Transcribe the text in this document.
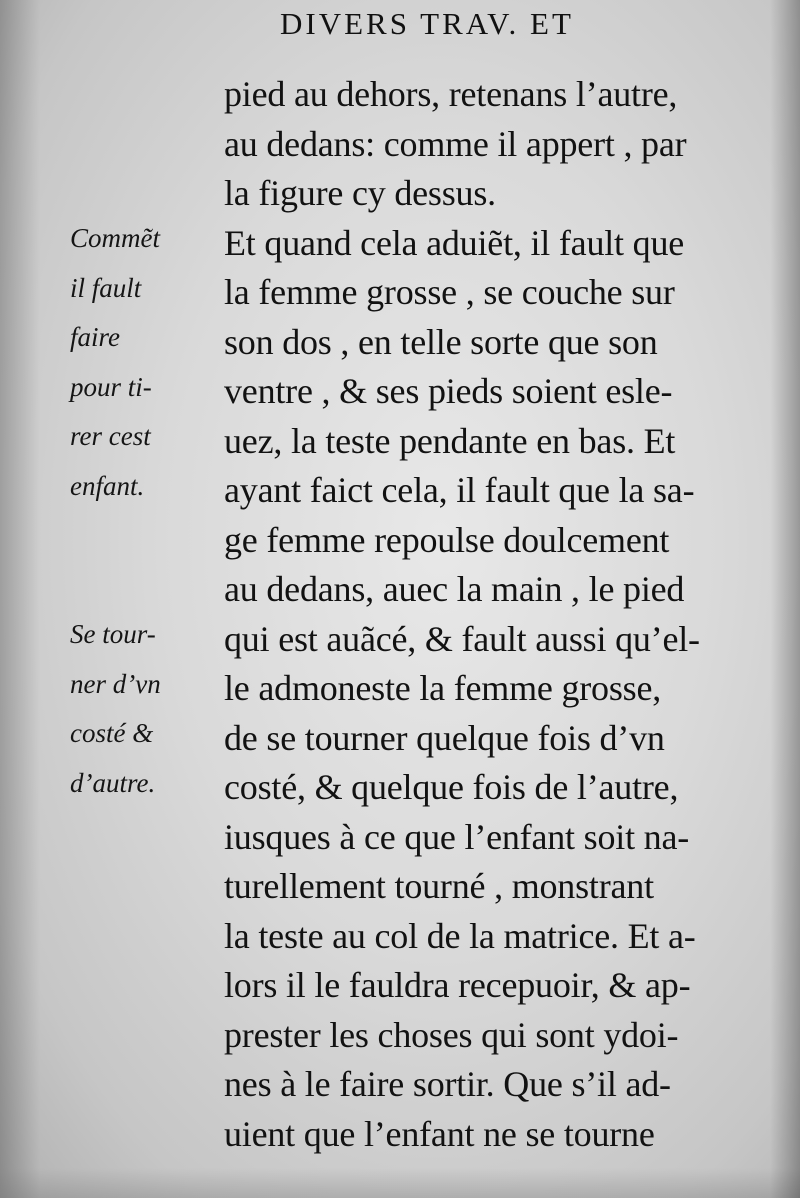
DIVERS TRAV. ET
Commẽt
il fault
faire
pour ti-
rer cest
enfant.
Se tour-
ner d’vn
costé &
d’autre.
pied au dehors, retenans l’autre,
au dedans: comme il appert , par
la figure cy dessus.
Et quand cela aduiẽt, il fault que
la femme grosse , se couche sur
son dos , en telle sorte que son
ventre , & ses pieds soient esle-
uez, la teste pendante en bas. Et
ayant faict cela, il fault que la sa-
ge femme repoulse doulcement
au dedans, auec la main , le pied
qui est auãcé, & fault aussi qu’el-
le admoneste la femme grosse,
de se tourner quelque fois d’vn
costé, & quelque fois de l’autre,
iusques à ce que l’enfant soit na-
turellement tourné , monstrant
la teste au col de la matrice. Et a-
lors il le fauldra recepuoir, & ap-
prester les choses qui sont ydoi-
nes à le faire sortir. Que s’il ad-
uient que l’enfant ne se tourne
